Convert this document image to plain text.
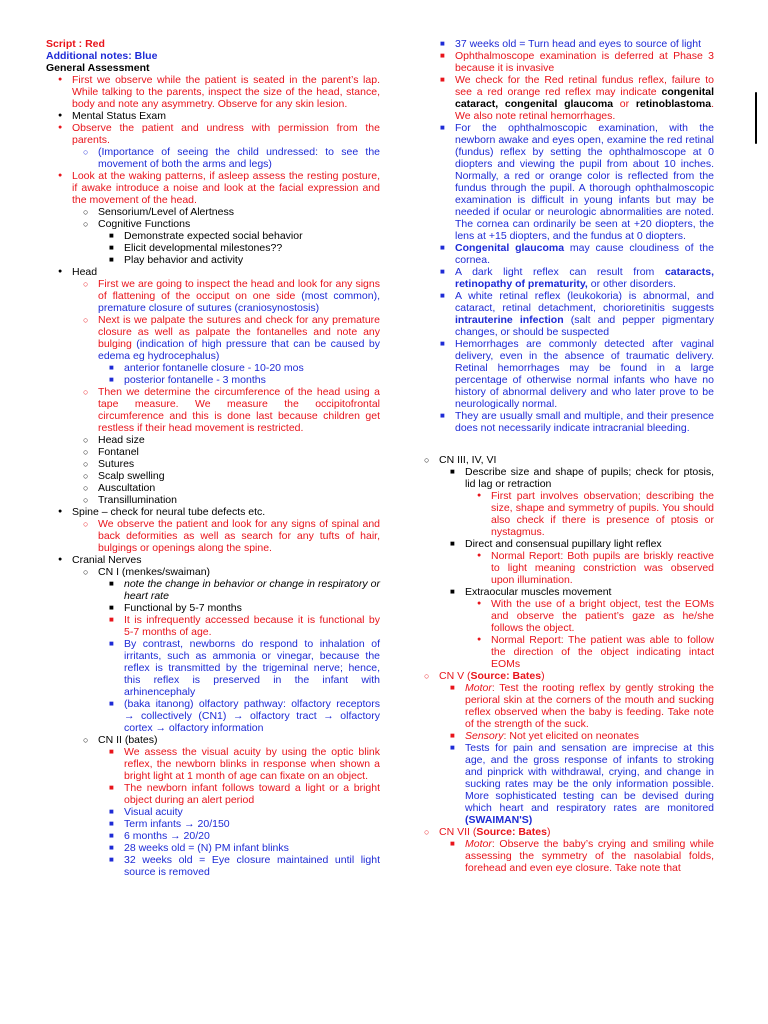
Script : Red
Additional notes: Blue
General Assessment
● First we observe while the patient is seated in the parent’s lap. While talking to the parents, inspect the size of the head, stance, body and note any asymmetry. Observe for any skin lesion.
● Mental Status Exam
● Observe the patient and undress with permission from the parents.
○ (Importance of seeing the child undressed: to see the movement of both the arms and legs)
● Look at the waking patterns, if asleep assess the resting posture, if awake introduce a noise and look at the facial expression and the movement of the head.
○ Sensorium/Level of Alertness
○ Cognitive Functions
■ Demonstrate expected social behavior
■ Elicit developmental milestones??
■ Play behavior and activity
● Head
○ First we are going to inspect the head and look for any signs of flattening of the occiput on one side (most common), premature closure of sutures (craniosynostosis)
○ Next is we palpate the sutures and check for any premature closure as well as palpate the fontanelles and note any bulging (indication of high pressure that can be caused by edema eg hydrocephalus)
■ anterior fontanelle closure - 10-20 mos
■ posterior fontanelle - 3 months
○ Then we determine the circumference of the head using a tape measure. We measure the occipitofrontal circumference and this is done last because children get restless if their head movement is restricted.
○ Head size
○ Fontanel
○ Sutures
○ Scalp swelling
○ Auscultation
○ Transillumination
● Spine – check for neural tube defects etc.
○ We observe the patient and look for any signs of spinal and back deformities as well as search for any tufts of hair, bulgings or openings along the spine.
● Cranial Nerves
○ CN I (menkes/swaiman)
■ note the change in behavior or change in respiratory or heart rate
■ Functional by 5-7 months
■ It is infrequently accessed because it is functional by 5-7 months of age.
■ By contrast, newborns do respond to inhalation of irritants, such as ammonia or vinegar, because the reflex is transmitted by the trigeminal nerve; hence, this reflex is preserved in the infant with arhinencephaly
■ (baka itanong) olfactory pathway: olfactory receptors → collectively (CN1) → olfactory tract → olfactory cortex → olfactory information
○ CN II (bates)
■ We assess the visual acuity by using the optic blink reflex, the newborn blinks in response when shown a bright light at 1 month of age can fixate on an object.
■ The newborn infant follows toward a light or a bright object during an alert period
■ Visual acuity
■ Term infants → 20/150
■ 6 months → 20/20
■ 28 weeks old = (N) PM infant blinks
■ 32 weeks old = Eye closure maintained until light source is removed
■ 37 weeks old = Turn head and eyes to source of light
■ Ophthalmoscope examination is deferred at Phase 3 because it is invasive
■ We check for the Red retinal fundus reflex, failure to see a red orange red reflex may indicate congenital cataract, congenital glaucoma or retinoblastoma. We also note retinal hemorrhages.
■ For the ophthalmoscopic examination, with the newborn awake and eyes open, examine the red retinal (fundus) reflex by setting the ophthalmoscope at 0 diopters and viewing the pupil from about 10 inches. Normally, a red or orange color is reflected from the fundus through the pupil. A thorough ophthalmoscopic examination is difficult in young infants but may be needed if ocular or neurologic abnormalities are noted. The cornea can ordinarily be seen at +20 diopters, the lens at +15 diopters, and the fundus at 0 diopters.
■ Congenital glaucoma may cause cloudiness of the cornea.
■ A dark light reflex can result from cataracts, retinopathy of prematurity, or other disorders.
■ A white retinal reflex (leukokoria) is abnormal, and cataract, retinal detachment, chorioretinitis suggests intrauterine infection (salt and pepper pigmentary changes, or should be suspected
■ Hemorrhages are commonly detected after vaginal delivery, even in the absence of traumatic delivery. Retinal hemorrhages may be found in a large percentage of otherwise normal infants who have no history of abnormal delivery and who later prove to be neurologically normal.
■ They are usually small and multiple, and their presence does not necessarily indicate intracranial bleeding.
○ CN III, IV, VI
■ Describe size and shape of pupils; check for ptosis, lid lag or retraction
● First part involves observation; describing the size, shape and symmetry of pupils. You should also check if there is presence of ptosis or nystagmus.
■ Direct and consensual pupillary light reflex
● Normal Report: Both pupils are briskly reactive to light meaning constriction was observed upon illumination.
■ Extraocular muscles movement
● With the use of a bright object, test the EOMs and observe the patient’s gaze as he/she follows the object.
● Normal Report: The patient was able to follow the direction of the object indicating intact EOMs
○ CN V (Source: Bates)
■ Motor: Test the rooting reflex by gently stroking the perioral skin at the corners of the mouth and sucking reflex observed when the baby is feeding. Take note of the strength of the suck.
■ Sensory: Not yet elicited on neonates
■ Tests for pain and sensation are imprecise at this age, and the gross response of infants to stroking and pinprick with withdrawal, crying, and change in sucking rates may be the only information possible. More sophisticated testing can be devised during which heart and respiratory rates are monitored (SWAIMAN'S)
○ CN VII (Source: Bates)
■ Motor: Observe the baby’s crying and smiling while assessing the symmetry of the nasolabial folds, forehead and even eye closure. Take note that
